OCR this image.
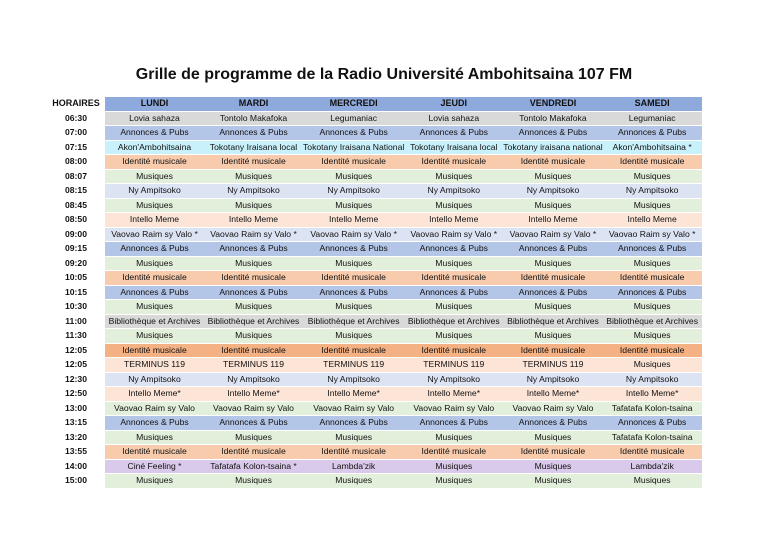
Grille de programme de la Radio Université Ambohitsaina 107 FM
HORAIRES	LUNDI	MARDI	MERCREDI	JEUDI	VENDREDI	SAMEDI
06:30	Lovia sahaza	Tontolo Makafoka	Legumaniac	Lovia sahaza	Tontolo Makafoka	Legumaniac
07:00	Annonces & Pubs	Annonces & Pubs	Annonces & Pubs	Annonces & Pubs	Annonces & Pubs	Annonces & Pubs
07:15	Akon'Ambohitsaina	Tokotany Iraisana local	Tokotany Iraisana National	Tokotany Iraisana local	Tokotany iraisana national	Akon'Ambohitsaina *
08:00	Identité musicale	Identité musicale	Identité musicale	Identité musicale	Identité musicale	Identité musicale
08:07	Musiques	Musiques	Musiques	Musiques	Musiques	Musiques
08:15	Ny Ampitsoko	Ny Ampitsoko	Ny Ampitsoko	Ny Ampitsoko	Ny Ampitsoko	Ny Ampitsoko
08:45	Musiques	Musiques	Musiques	Musiques	Musiques	Musiques
08:50	Intello Meme	Intello Meme	Intello Meme	Intello Meme	Intello Meme	Intello Meme
09:00	Vaovao Raim sy Valo *	Vaovao Raim sy Valo *	Vaovao Raim sy Valo *	Vaovao Raim sy Valo *	Vaovao Raim sy Valo *	Vaovao Raim sy Valo *
09:15	Annonces & Pubs	Annonces & Pubs	Annonces & Pubs	Annonces & Pubs	Annonces & Pubs	Annonces & Pubs
09:20	Musiques	Musiques	Musiques	Musiques	Musiques	Musiques
10:05	Identité musicale	Identité musicale	Identité musicale	Identité musicale	Identité musicale	Identité musicale
10:15	Annonces & Pubs	Annonces & Pubs	Annonces & Pubs	Annonces & Pubs	Annonces & Pubs	Annonces & Pubs
10:30	Musiques	Musiques	Musiques	Musiques	Musiques	Musiques
11:00	Bibliothèque et Archives	Bibliothèque et Archives	Bibliothèque et Archives	Bibliothèque et Archives	Bibliothèque et Archives	Bibliothèque et Archives
11:30	Musiques	Musiques	Musiques	Musiques	Musiques	Musiques
12:05	Identité musicale	Identité musicale	Identité musicale	Identité musicale	Identité musicale	Identité musicale
12:05	TERMINUS 119	TERMINUS 119	TERMINUS 119	TERMINUS 119	TERMINUS 119	Musiques
12:30	Ny Ampitsoko	Ny Ampitsoko	Ny Ampitsoko	Ny Ampitsoko	Ny Ampitsoko	Ny Ampitsoko
12:50	Intello Meme*	Intello Meme*	Intello Meme*	Intello Meme*	Intello Meme*	Intello Meme*
13:00	Vaovao Raim sy Valo	Vaovao Raim sy Valo	Vaovao Raim sy Valo	Vaovao Raim sy Valo	Vaovao Raim sy Valo	Tafatafa Kolon-tsaina
13:15	Annonces & Pubs	Annonces & Pubs	Annonces & Pubs	Annonces & Pubs	Annonces & Pubs	Annonces & Pubs
13:20	Musiques	Musiques	Musiques	Musiques	Musiques	Tafatafa Kolon-tsaina
13:55	Identité musicale	Identité musicale	Identité musicale	Identité musicale	Identité musicale	Identité musicale
14:00	Ciné Feeling *	Tafatafa Kolon-tsaina *	Lambda'zik	Musiques	Musiques	Lambda'zik
15:00	Musiques	Musiques	Musiques	Musiques	Musiques	Musiques
